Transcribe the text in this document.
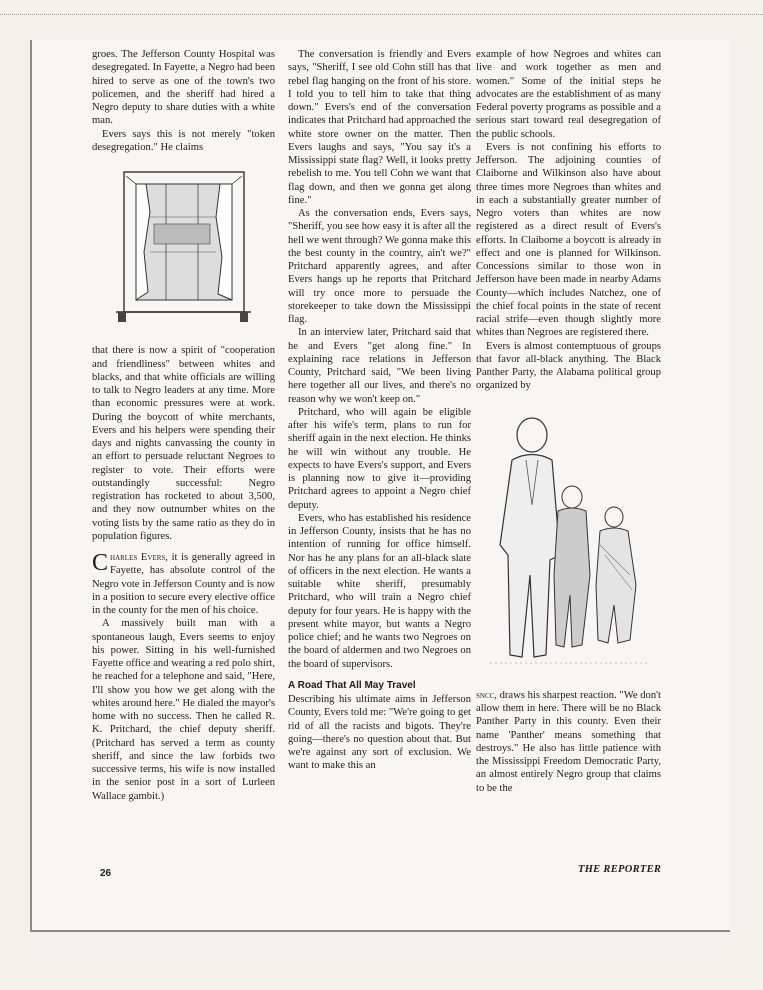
groes. The Jefferson County Hospital was desegregated. In Fayette, a Negro had been hired to serve as one of the town's two policemen, and the sheriff had hired a Negro deputy to share duties with a white man.

Evers says this is not merely "token desegregation." He claims

that there is now a spirit of "cooperation and friendliness" between whites and blacks, and that white officials are willing to talk to Negro leaders at any time. More than economic pressures were at work. During the boycott of white merchants, Evers and his helpers were spending their days and nights canvassing the county in an effort to persuade reluctant Negroes to register to vote. Their efforts were outstandingly successful: Negro registration has rocketed to about 3,500, and they now outnumber whites on the voting lists by the same ratio as they do in population figures.

Charles Evers, it is generally agreed in Fayette, has absolute control of the Negro vote in Jefferson County and is now in a position to secure every elective office in the county for the men of his choice.

A massively built man with a spontaneous laugh, Evers seems to enjoy his power. Sitting in his well-furnished Fayette office and wearing a red polo shirt, he reached for a telephone and said, "Here, I'll show you how we get along with the whites around here." He dialed the mayor's home with no success. Then he called R. K. Pritchard, the chief deputy sheriff. (Pritchard has served a term as county sheriff, and since the law forbids two successive terms, his wife is now installed in the senior post in a sort of Lurleen Wallace gambit.)

The conversation is friendly and Evers says, "Sheriff, I see old Cohn still has that rebel flag hanging on the front of his store. I told you to tell him to take that thing down." Evers's end of the conversation indicates that Pritchard had approached the white store owner on the matter. Then Evers laughs and says, "You say it's a Mississippi state flag? Well, it looks pretty rebelish to me. You tell Cohn we want that flag down, and then we gonna get along fine."

As the conversation ends, Evers says, "Sheriff, you see how easy it is after all the hell we went through? We gonna make this the best county in the country, ain't we?" Pritchard apparently agrees, and after Evers hangs up he reports that Pritchard will try once more to persuade the storekeeper to take down the Mississippi flag.

In an interview later, Pritchard said that he and Evers "get along fine." In explaining race relations in Jefferson County, Pritchard said, "We been living here together all our lives, and there's no reason why we won't keep on."

Pritchard, who will again be eligible after his wife's term, plans to run for sheriff again in the next election. He thinks he will win without any trouble. He expects to have Evers's support, and Evers is planning now to give it—providing Pritchard agrees to appoint a Negro chief deputy.

Evers, who has established his residence in Jefferson County, insists that he has no intention of running for office himself. Nor has he any plans for an all-black slate of officers in the next election. He wants a suitable white sheriff, presumably Pritchard, who will train a Negro chief deputy for four years. He is happy with the present white mayor, but wants a Negro police chief; and he wants two Negroes on the board of aldermen and two Negroes on the board of supervisors.

A Road That All May Travel

Describing his ultimate aims in Jefferson County, Evers told me: "We're going to get rid of all the racists and bigots. They're going—there's no question about that. But we're against any sort of exclusion. We want to make this an

example of how Negroes and whites can live and work together as men and women." Some of the initial steps he advocates are the establishment of as many Federal poverty programs as possible and a serious start toward real desegregation of the public schools.

Evers is not confining his efforts to Jefferson. The adjoining counties of Claiborne and Wilkinson also have about three times more Negroes than whites and in each a substantially greater number of Negro voters than whites are now registered as a direct result of Evers's efforts. In Claiborne a boycott is already in effect and one is planned for Wilkinson. Concessions similar to those won in Jefferson have been made in nearby Adams County—which includes Natchez, one of the chief focal points in the state of recent racial strife—even though slightly more whites than Negroes are registered there.

Evers is almost contemptuous of groups that favor all-black anything. The Black Panther Party, the Alabama political group organized by

sncc, draws his sharpest reaction. "We don't allow them in here. There will be no Black Panther Party in this county. Even their name 'Panther' means something that destroys." He also has little patience with the Mississippi Freedom Democratic Party, an almost entirely Negro group that claims to be the

26	THE REPORTER
